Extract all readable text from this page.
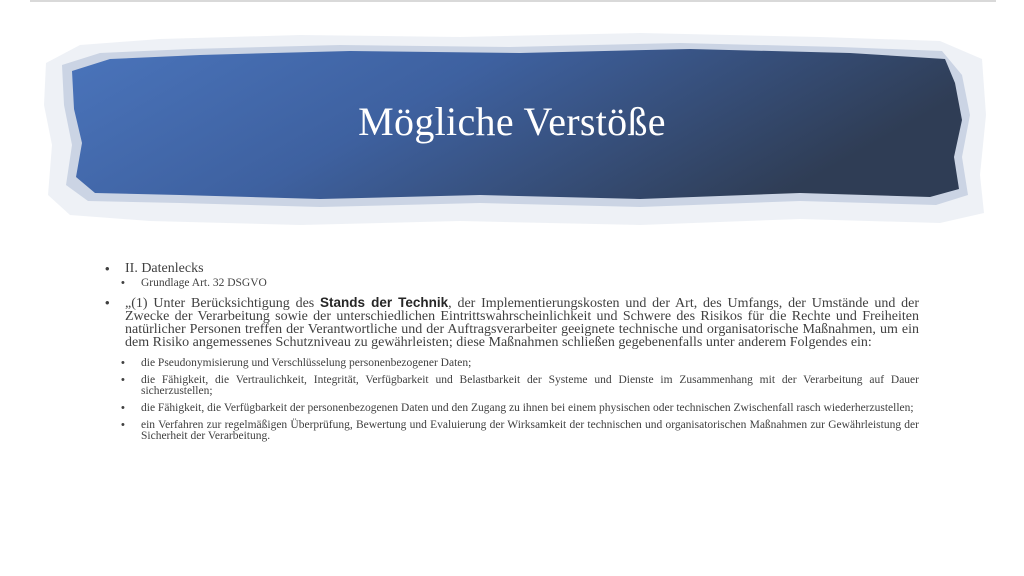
Mögliche Verstöße
• II. Datenlecks
• Grundlage Art. 32 DSGVO
• „(1) Unter Berücksichtigung des Stands der Technik, der Implementierungskosten und der Art, des Umfangs, der Umstände und der Zwecke der Verarbeitung sowie der unterschiedlichen Eintrittswahrscheinlichkeit und Schwere des Risikos für die Rechte und Freiheiten natürlicher Personen treffen der Verantwortliche und der Auftragsverarbeiter geeignete technische und organisatorische Maßnahmen, um ein dem Risiko angemessenes Schutzniveau zu gewährleisten; diese Maßnahmen schließen gegebenenfalls unter anderem Folgendes ein:
• die Pseudonymisierung und Verschlüsselung personenbezogener Daten;
• die Fähigkeit, die Vertraulichkeit, Integrität, Verfügbarkeit und Belastbarkeit der Systeme und Dienste im Zusammenhang mit der Verarbeitung auf Dauer sicherzustellen;
• die Fähigkeit, die Verfügbarkeit der personenbezogenen Daten und den Zugang zu ihnen bei einem physischen oder technischen Zwischenfall rasch wiederherzustellen;
• ein Verfahren zur regelmäßigen Überprüfung, Bewertung und Evaluierung der Wirksamkeit der technischen und organisatorischen Maßnahmen zur Gewährleistung der Sicherheit der Verarbeitung.
